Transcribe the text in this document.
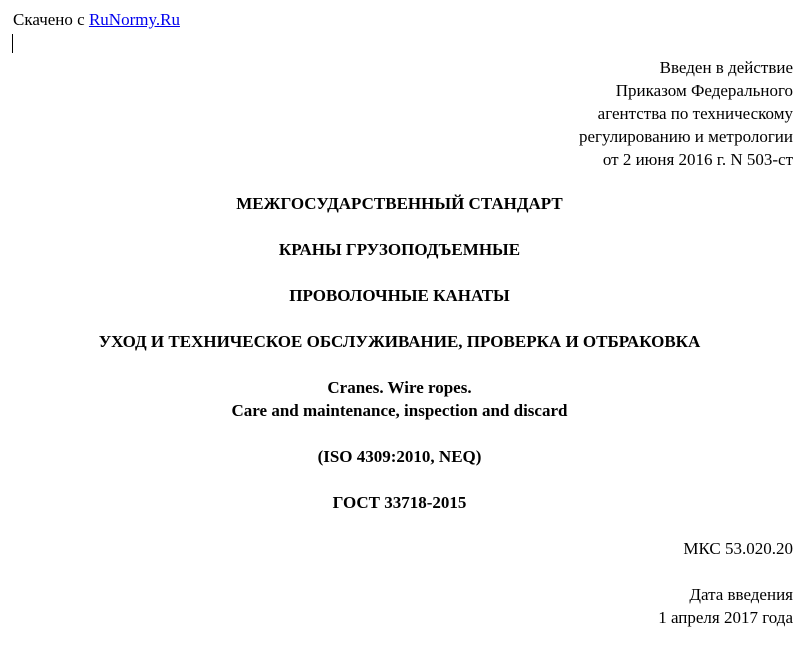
Скачено с RuNormy.Ru
Введен в действие
Приказом Федерального
агентства по техническому
регулированию и метрологии
от 2 июня 2016 г. N 503-ст
МЕЖГОСУДАРСТВЕННЫЙ СТАНДАРТ
КРАНЫ ГРУЗОПОДЪЕМНЫЕ
ПРОВОЛОЧНЫЕ КАНАТЫ
УХОД И ТЕХНИЧЕСКОЕ ОБСЛУЖИВАНИЕ, ПРОВЕРКА И ОТБРАКОВКА
Cranes. Wire ropes.
Care and maintenance, inspection and discard
(ISO 4309:2010, NEQ)
ГОСТ 33718-2015
МКС 53.020.20
Дата введения
1 апреля 2017 года
